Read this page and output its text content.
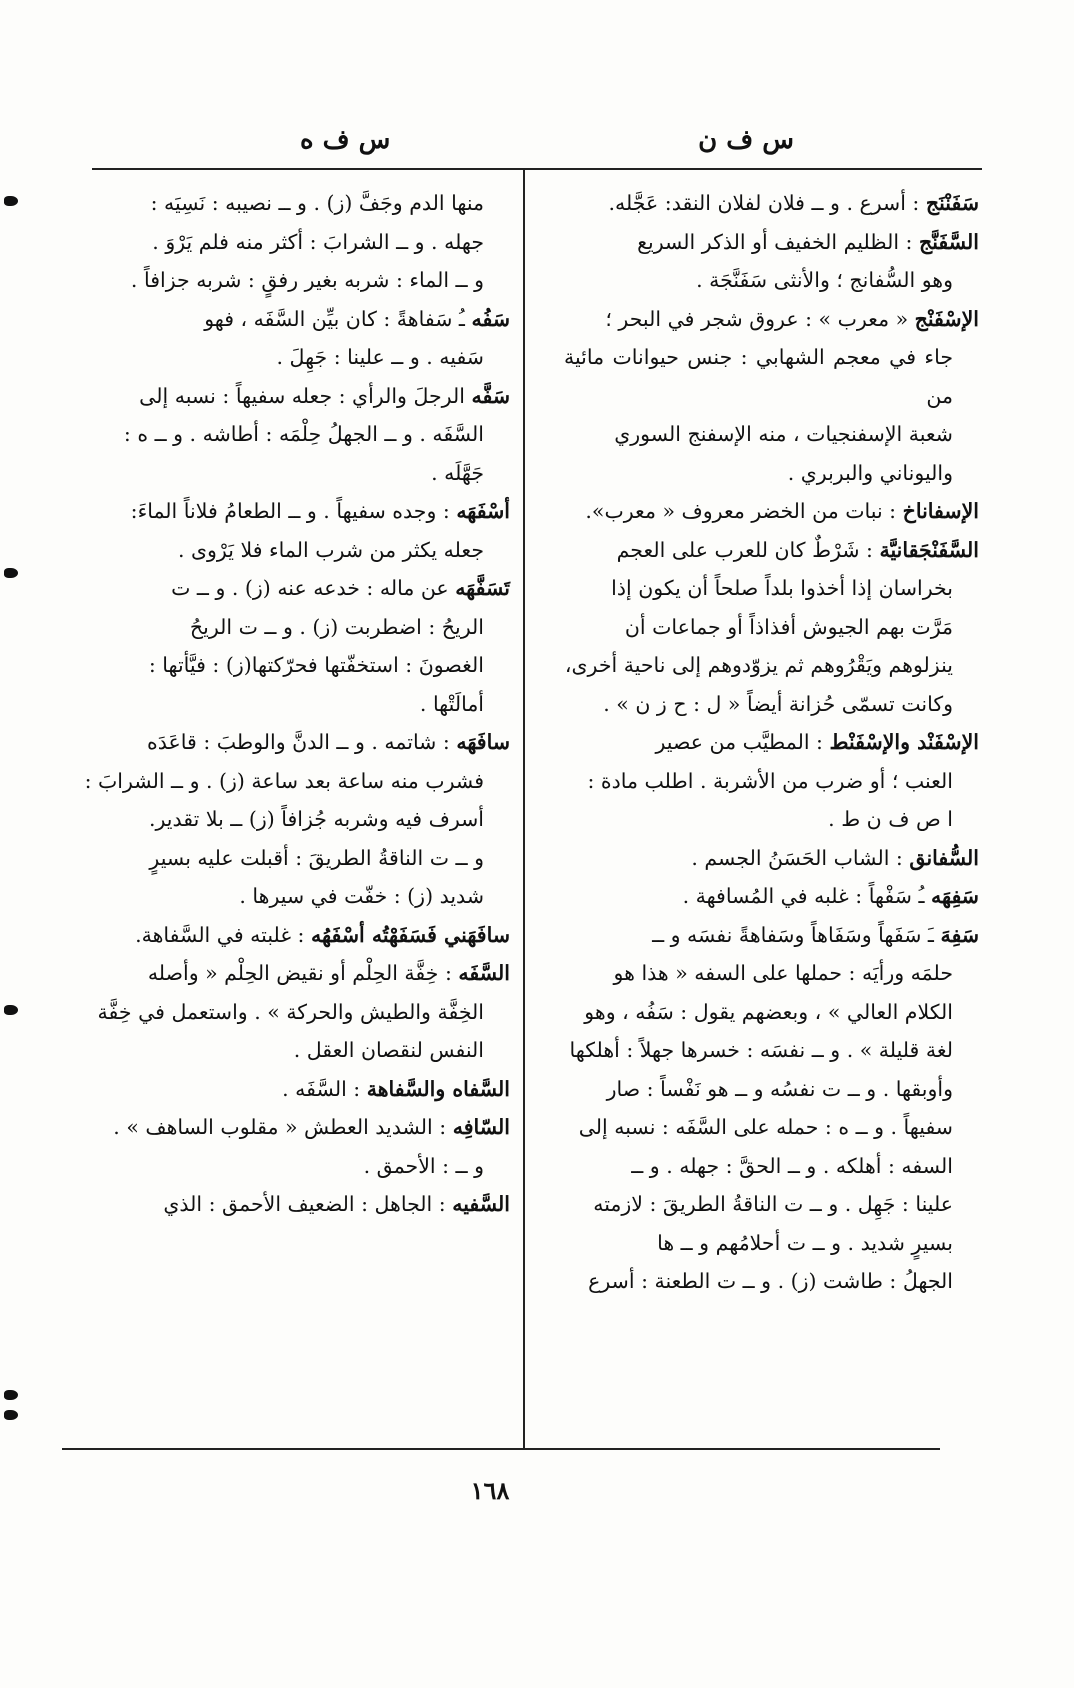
س ف ن
س ف ه

سَفَنْنَج : أسرع . و ــ فلان لفلان النقد: عَجَّله.

السَّفَنَّج : الظليم الخفيف أو الذكر السريع

وهو السُّفانج ؛ والأنثى سَفَنَّجَة .

الإسْفَنْج « معرب » : عروق شجر في البحر ؛

جاء في معجم الشهابي : جنس حيوانات مائية من

شعبة الإسفنجيات ، منه الإسفنج السوري

واليوناني والبربري .

الإسفاناخ : نبات من الخضر معروف « معرب».

السَّفَنْجَقانيَّة : شَرْطٌ كان للعرب على العجم

بخراسان إذا أخذوا بلداً صلحاً أن يكون إذا

مَرَّت بهم الجيوش أفذاذاً أو جماعات أن

ينزلوهم ويَقْرُوهم ثم يزوّدوهم إلى ناحية أخرى،

وكانت تسمّى حُزانة أيضاً « ل : ح ز ن » .

الإسْفَنْد والإسْفَنْط : المطيَّب من عصير

العنب ؛ أو ضرب من الأشربة . اطلب مادة :

ا ص ف ن ط .

السُّفانق : الشاب الحَسَنُ الجسم .

سَفِهَه ـُ سَفْهاً : غلبه في المُسافهة .

سَفِهَ ـَ سَفَهاً وسَفَاهاً وسَفاهةً نفسَه و ــ

حلمَه ورأيَه : حملها على السفه « هذا هو

الكلام العالي » ، وبعضهم يقول : سَفُه ، وهو

لغة قليلة » . و ــ نفسَه : خسرها جهلاً : أهلكها

وأوبقها . و ــ ت نفسُه و ــ هو نَفْساً : صار

سفيهاً . و ــ ه : حمله على السَّفَه : نسبه إلى

السفه : أهلكه . و ــ الحقَّ : جهله . و ــ

علينا : جَهِل . و ــ ت الناقةُ الطريقَ : لازمته

بسيرٍ شديد . و ــ ت أحلامُهم و ــ ها

الجهلُ : طاشت (ز) . و ــ ت الطعنة : أسرع

منها الدم وجَفَّ (ز) . و ــ نصيبه : نَسِيَه :

جهله . و ــ الشرابَ : أكثر منه فلم يَرْوَ .

و ــ الماء : شربه بغير رفقٍ : شربه جزافاً .

سَفُه ـُ سَفاهةً : كان بيِّن السَّفَه ، فهو

سَفيه . و ــ علينا : جَهِلَ .

سَفَّه الرجلَ والرأي : جعله سفيهاً : نسبه إلى

السَّفَه . و ــ الجهلُ حِلْمَه : أطاشه . و ــ ه :

جَهَّلَه .

أسْفَهَه : وجده سفيهاً . و ــ الطعامُ فلاناً الماءَ:

جعله يكثر من شرب الماء فلا يَرْوى .

تَسَفَّهَه عن ماله : خدعه عنه (ز) . و ــ ت

الريحُ : اضطربت (ز) . و ــ ت الريحُ

الغصونَ : استخفّتها فحرّكتها(ز) : فيَّأتها :

أمالَتْها .

سافَهَه : شاتمه . و ــ الدنَّ والوطبَ : قاعَدَه

فشرب منه ساعة بعد ساعة (ز) . و ــ الشرابَ :

أسرف فيه وشربه جُزافاً (ز) ــ بلا تقدير.

و ــ ت الناقةُ الطريقَ : أقبلت عليه بسيرٍ

شديد (ز) : خفّت في سيرها .

سافَهَني فَسَفَهْتُه أسْفَهُه : غلبته في السَّفاهة.

السَّفَه : خِفَّة الحِلْم أو نقيض الحِلْم « وأصله

الخِفَّة والطيش والحركة » . واستعمل في خِفَّة

النفس لنقصان العقل .

السَّفاه والسَّفاهة : السَّفَه .

السّافِه : الشديد العطش « مقلوب الساهف » .

و ــ : الأحمق .

السَّفيه : الجاهل : الضعيف الأحمق : الذي

١٦٨
